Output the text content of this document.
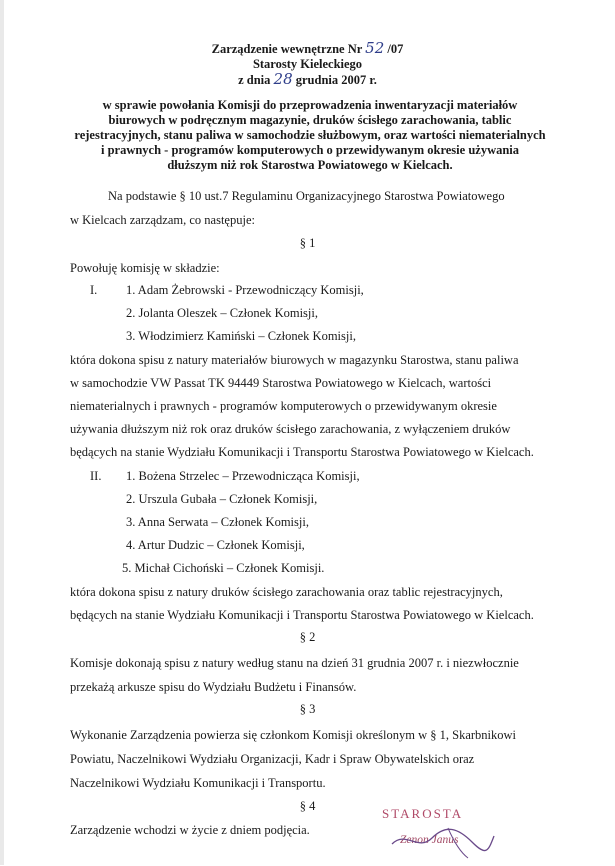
Zarządzenie wewnętrzne Nr 52 /07
Starosty Kieleckiego
z dnia 28 grudnia 2007 r.
w sprawie powołania Komisji do przeprowadzenia inwentaryzacji materiałów
biurowych w podręcznym magazynie, druków ścisłego zarachowania, tablic
rejestracyjnych, stanu paliwa w samochodzie służbowym, oraz wartości niematerialnych
i prawnych - programów komputerowych o przewidywanym okresie używania
dłuższym niż rok Starostwa Powiatowego w Kielcach.
Na podstawie § 10 ust.7 Regulaminu Organizacyjnego Starostwa Powiatowego
w Kielcach zarządzam, co następuje:
§ 1
Powołuję komisję w składzie:
I. 1. Adam Żebrowski - Przewodniczący Komisji,
2. Jolanta Oleszek – Członek Komisji,
3. Włodzimierz Kamiński – Członek Komisji,
która dokona spisu z natury materiałów biurowych w magazynku Starostwa, stanu paliwa
w samochodzie VW Passat TK 94449 Starostwa Powiatowego w Kielcach, wartości
niematerialnych i prawnych - programów komputerowych o przewidywanym okresie
używania dłuższym niż rok oraz druków ścisłego zarachowania, z wyłączeniem druków
będących na stanie Wydziału Komunikacji i Transportu Starostwa Powiatowego w Kielcach.
II. 1. Bożena Strzelec – Przewodnicząca Komisji,
2. Urszula Gubała – Członek Komisji,
3. Anna Serwata – Członek Komisji,
4. Artur Dudzic – Członek Komisji,
5. Michał Cichoński – Członek Komisji.
która dokona spisu z natury druków ścisłego zarachowania oraz tablic rejestracyjnych,
będących na stanie Wydziału Komunikacji i Transportu Starostwa Powiatowego w Kielcach.
§ 2
Komisje dokonają spisu z natury według stanu na dzień 31 grudnia 2007 r. i niezwłocznie
przekażą arkusze spisu do Wydziału Budżetu i Finansów.
§ 3
Wykonanie Zarządzenia powierza się członkom Komisji określonym w § 1, Skarbnikowi
Powiatu, Naczelnikowi Wydziału Organizacji, Kadr i Spraw Obywatelskich oraz
Naczelnikowi Wydziału Komunikacji i Transportu.
§ 4
Zarządzenie wchodzi w życie z dniem podjęcia.
STAROSTA
Zenon Janus
